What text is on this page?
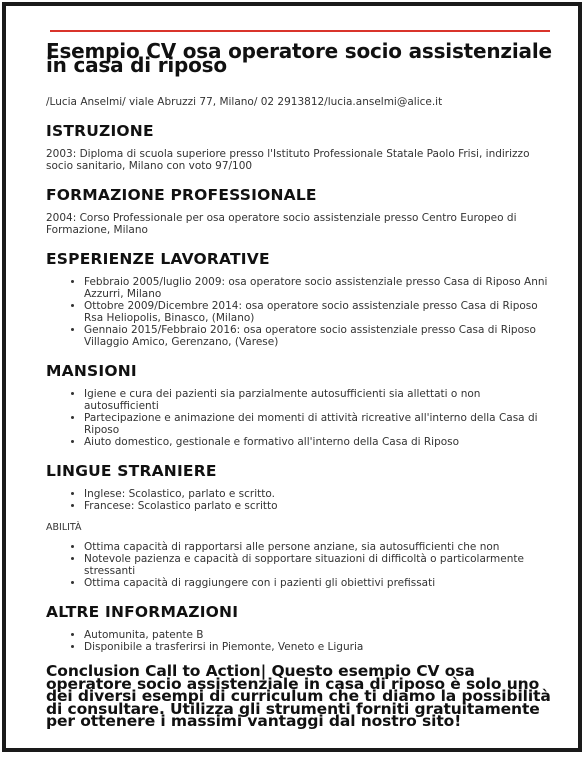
Esempio CV osa operatore socio assistenziale in casa di riposo
/Lucia Anselmi/ viale Abruzzi 77, Milano/ 02 2913812/lucia.anselmi@alice.it
ISTRUZIONE

2003: Diploma di scuola superiore presso l'Istituto Professionale Statale Paolo Frisi, indirizzo socio sanitario, Milano con voto 97/100

FORMAZIONE PROFESSIONALE

2004: Corso Professionale per osa operatore socio assistenziale presso Centro Europeo di Formazione, Milano

ESPERIENZE LAVORATIVE
• Febbraio 2005/luglio 2009: osa operatore socio assistenziale presso Casa di Riposo Anni Azzurri, Milano
• Ottobre 2009/Dicembre 2014: osa operatore socio assistenziale presso Casa di Riposo Rsa Heliopolis, Binasco, (Milano)
• Gennaio 2015/Febbraio 2016: osa operatore socio assistenziale presso Casa di Riposo Villaggio Amico, Gerenzano, (Varese)
MANSIONI
• Igiene e cura dei pazienti sia parzialmente autosufficienti sia allettati o non autosufficienti
• Partecipazione e animazione dei momenti di attività ricreative all'interno della Casa di Riposo
• Aiuto domestico, gestionale e formativo all'interno della Casa di Riposo
LINGUE STRANIERE
• Inglese: Scolastico, parlato e scritto.
• Francese: Scolastico parlato e scritto
ABILITÀ
• Ottima capacità di rapportarsi alle persone anziane, sia autosufficienti che non
• Notevole pazienza e capacità di sopportare situazioni di difficoltà o particolarmente stressanti
• Ottima capacità di raggiungere con i pazienti gli obiettivi prefissati
ALTRE INFORMAZIONI
• Automunita, patente B
• Disponibile a trasferirsi in Piemonte, Veneto e Liguria
Conclusion Call to Action| Questo esempio CV osa operatore socio assistenziale in casa di riposo è solo uno dei diversi esempi di curriculum che ti diamo la possibilità di consultare. Utilizza gli strumenti forniti gratuitamente per ottenere i massimi vantaggi dal nostro sito!
